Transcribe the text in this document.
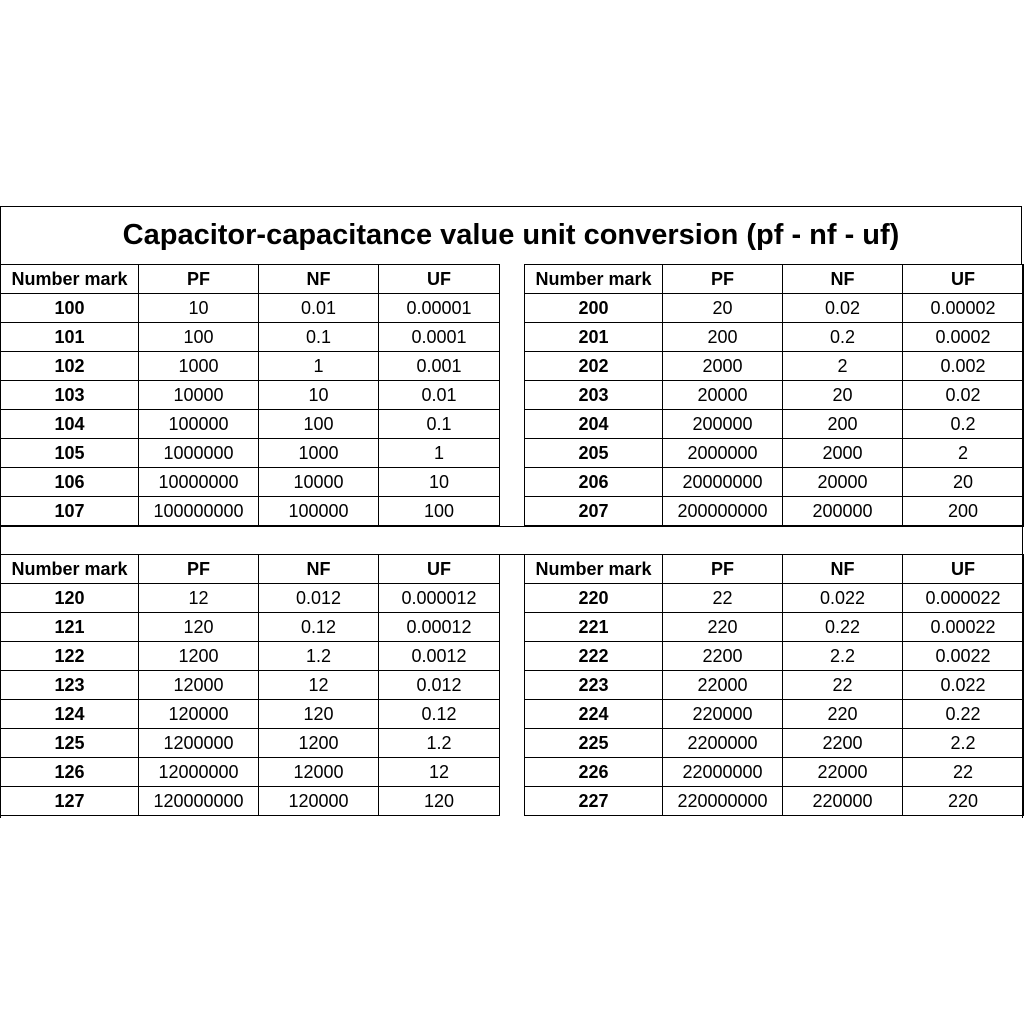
Capacitor-capacitance value unit conversion (pf - nf - uf)
Number mark	PF	NF	UF
100	10	0.01	0.00001
101	100	0.1	0.0001
102	1000	1	0.001
103	10000	10	0.01
104	100000	100	0.1
105	1000000	1000	1
106	10000000	10000	10
107	100000000	100000	100
Number mark	PF	NF	UF
200	20	0.02	0.00002
201	200	0.2	0.0002
202	2000	2	0.002
203	20000	20	0.02
204	200000	200	0.2
205	2000000	2000	2
206	20000000	20000	20
207	200000000	200000	200
Number mark	PF	NF	UF
120	12	0.012	0.000012
121	120	0.12	0.00012
122	1200	1.2	0.0012
123	12000	12	0.012
124	120000	120	0.12
125	1200000	1200	1.2
126	12000000	12000	12
127	120000000	120000	120
Number mark	PF	NF	UF
220	22	0.022	0.000022
221	220	0.22	0.00022
222	2200	2.2	0.0022
223	22000	22	0.022
224	220000	220	0.22
225	2200000	2200	2.2
226	22000000	22000	22
227	220000000	220000	220
